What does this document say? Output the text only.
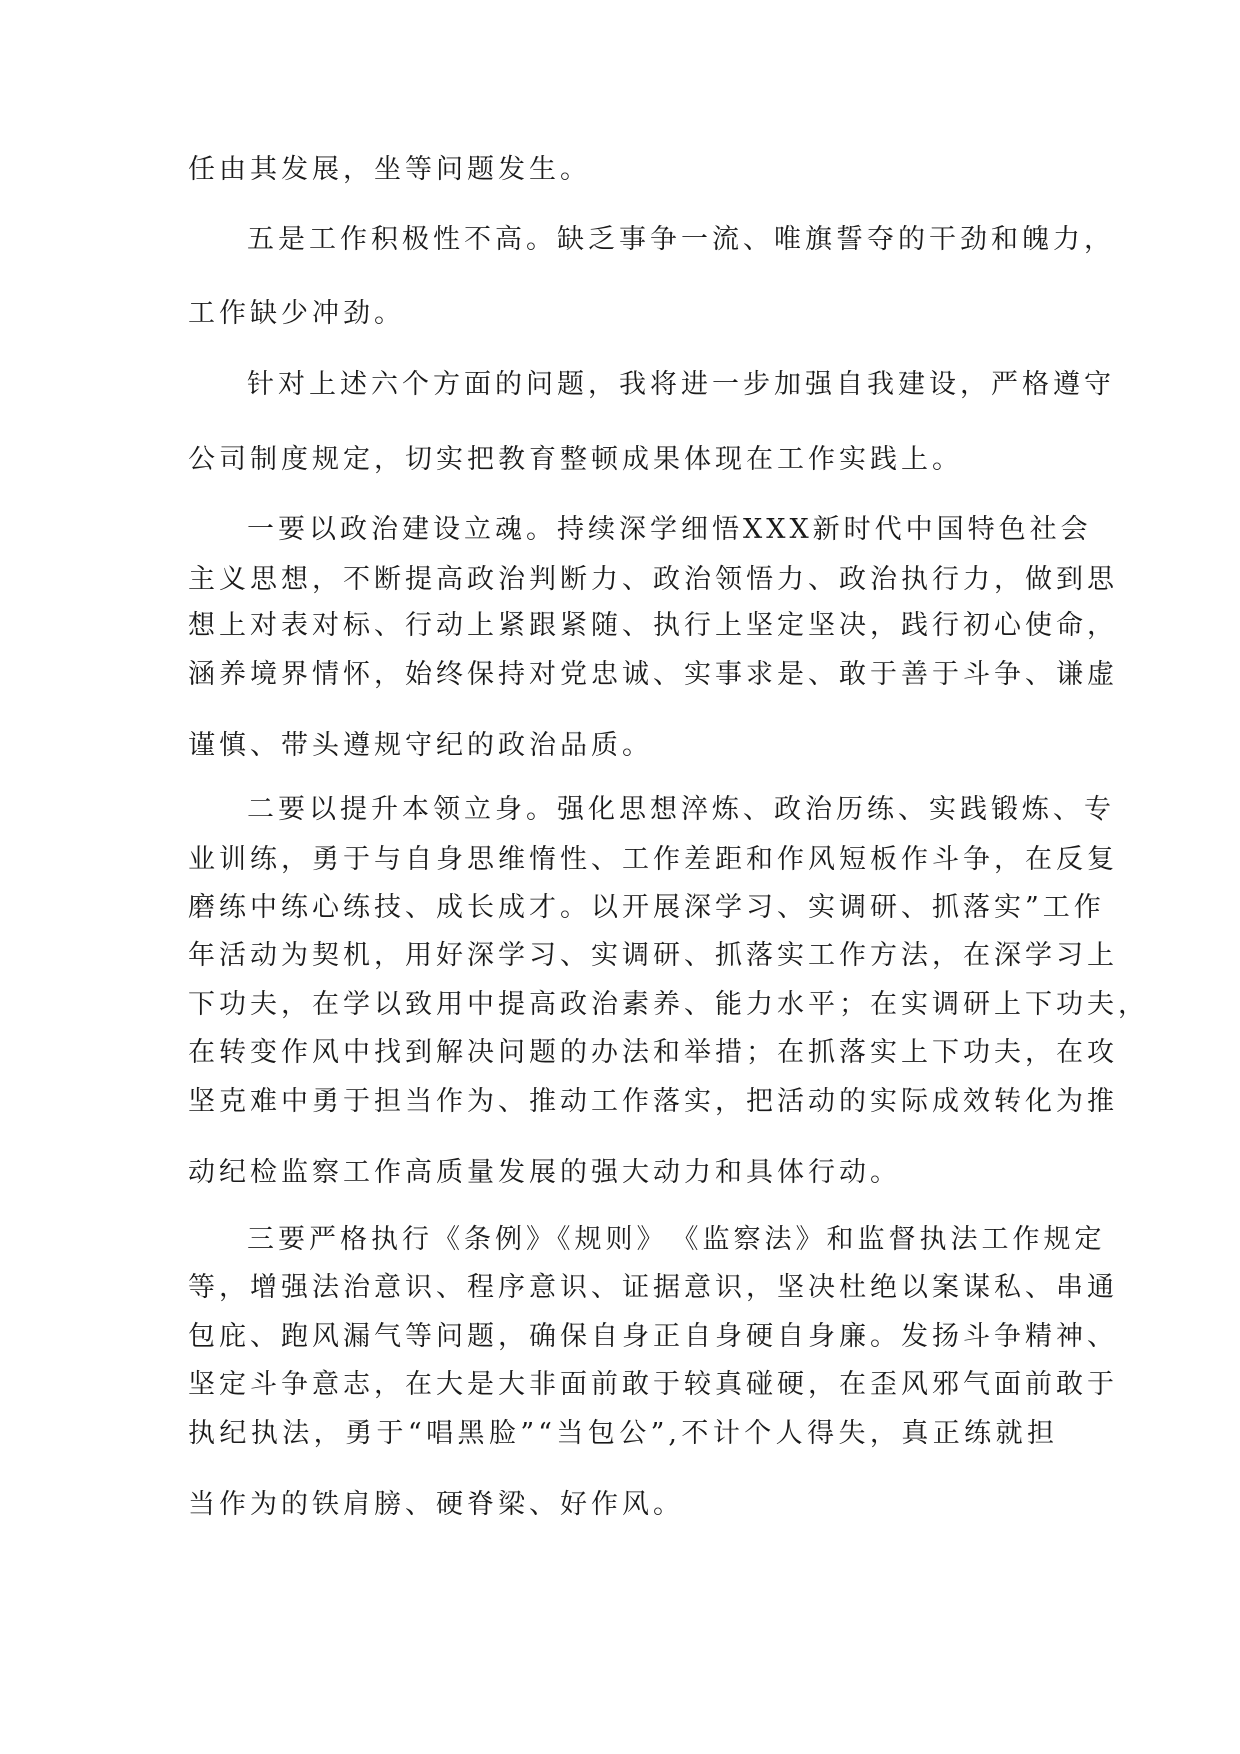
任由其发展，坐等问题发生。
五是工作积极性不高。缺乏事争一流、唯旗誓夺的干劲和魄力，
工作缺少冲劲。
针对上述六个方面的问题，我将进一步加强自我建设，严格遵守
公司制度规定，切实把教育整顿成果体现在工作实践上。
一要以政治建设立魂。持续深学细悟XXX新时代中国特色社会
主义思想，不断提高政治判断力、政治领悟力、政治执行力，做到思
想上对表对标、行动上紧跟紧随、执行上坚定坚决，践行初心使命，
涵养境界情怀，始终保持对党忠诚、实事求是、敢于善于斗争、谦虚
谨慎、带头遵规守纪的政治品质。
二要以提升本领立身。强化思想淬炼、政治历练、实践锻炼、专
业训练，勇于与自身思维惰性、工作差距和作风短板作斗争，在反复
磨练中练心练技、成长成才。以开展深学习、实调研、抓落实”工作
年活动为契机，用好深学习、实调研、抓落实工作方法，在深学习上
下功夫，在学以致用中提高政治素养、能力水平；在实调研上下功夫，
在转变作风中找到解决问题的办法和举措；在抓落实上下功夫，在攻
坚克难中勇于担当作为、推动工作落实，把活动的实际成效转化为推
动纪检监察工作高质量发展的强大动力和具体行动。
三要严格执行《条例》《规则》　《监察法》和监督执法工作规定
等，增强法治意识、程序意识、证据意识，坚决杜绝以案谋私、串通
包庇、跑风漏气等问题，确保自身正自身硬自身廉。发扬斗争精神、
坚定斗争意志，在大是大非面前敢于较真碰硬，在歪风邪气面前敢于
执纪执法，勇于“唱黑脸”“当包公”,不计个人得失，真正练就担
当作为的铁肩膀、硬脊梁、好作风。
